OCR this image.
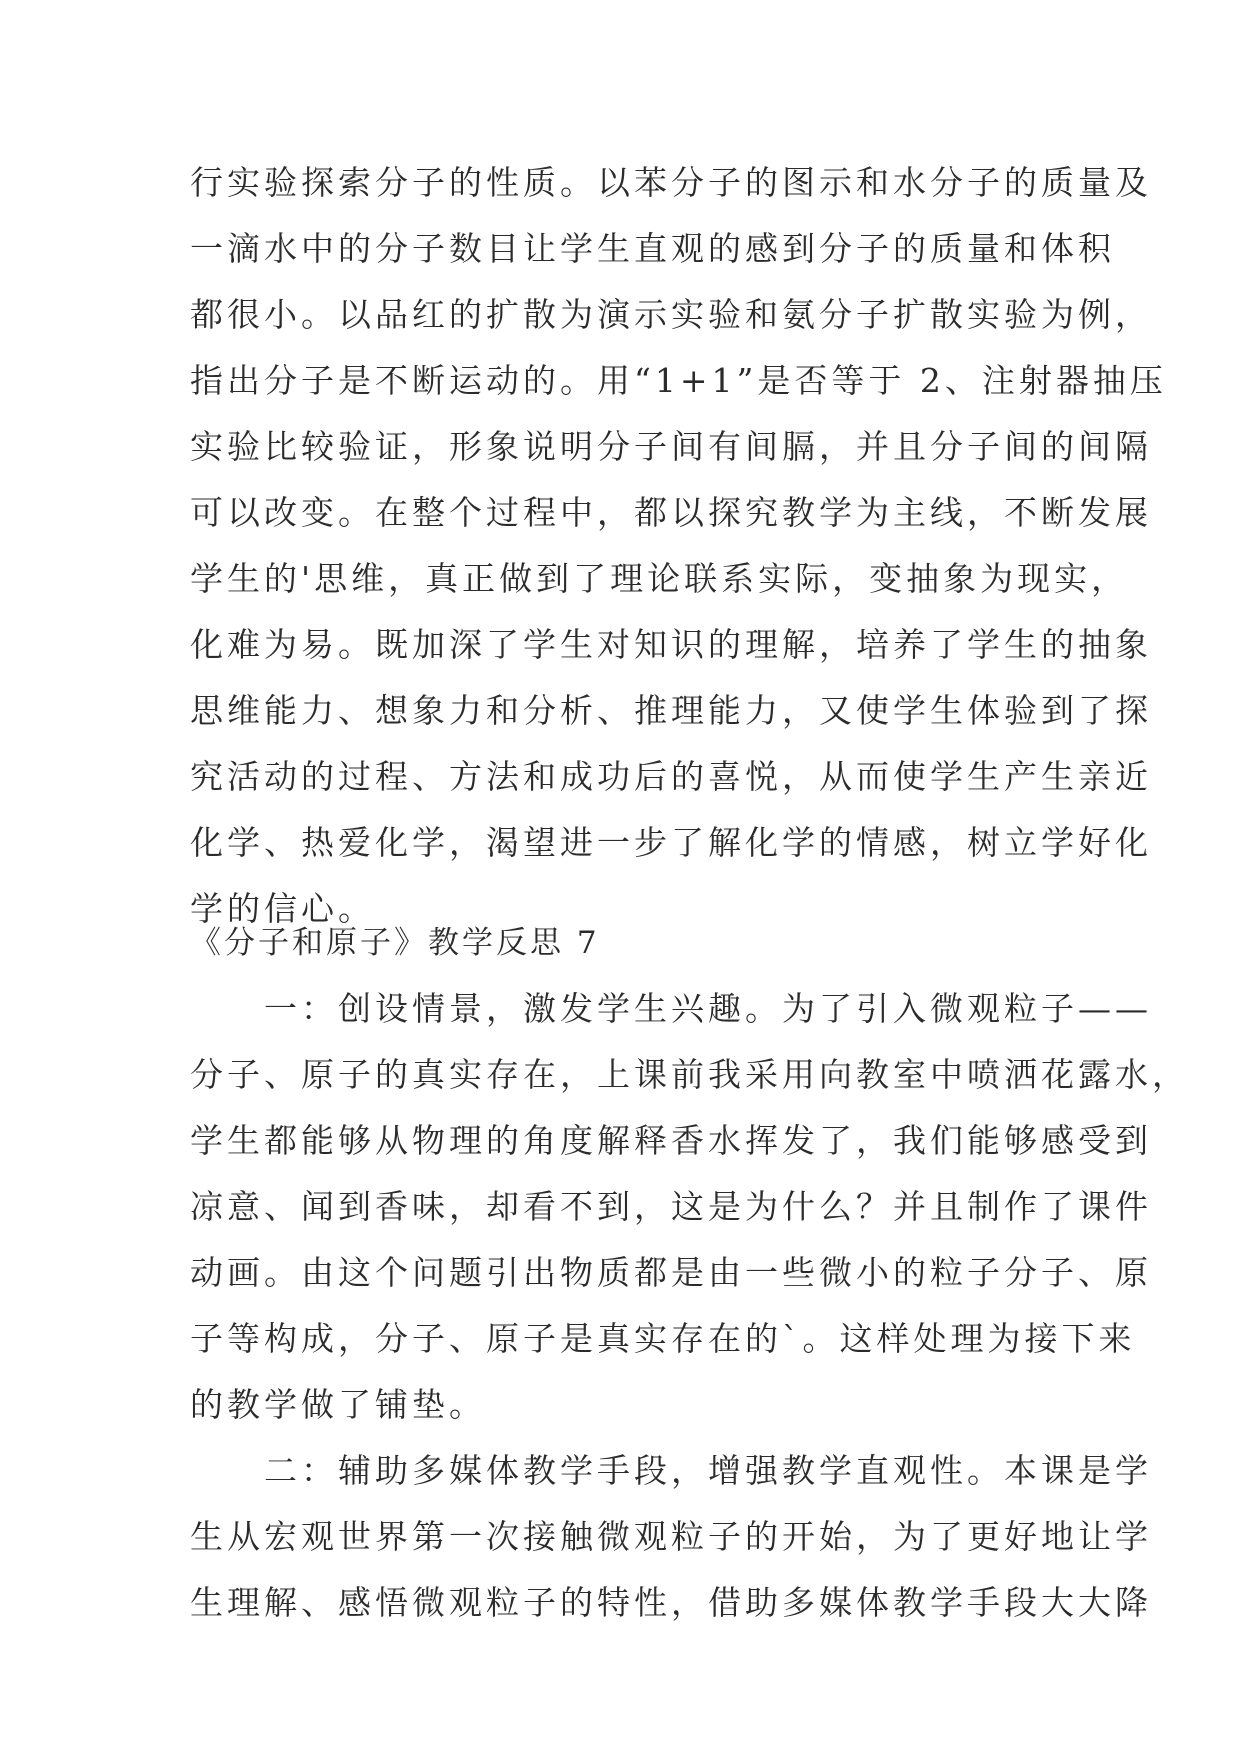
行实验探索分子的性质。以苯分子的图示和水分子的质量及
一滴水中的分子数目让学生直观的感到分子的质量和体积
都很小。以品红的扩散为演示实验和氨分子扩散实验为例，
指出分子是不断运动的。用“1+1”是否等于 2、注射器抽压
实验比较验证，形象说明分子间有间膈，并且分子间的间隔
可以改变。在整个过程中，都以探究教学为主线，不断发展
学生的'思维，真正做到了理论联系实际，变抽象为现实，
化难为易。既加深了学生对知识的理解，培养了学生的抽象
思维能力、想象力和分析、推理能力，又使学生体验到了探
究活动的过程、方法和成功后的喜悦，从而使学生产生亲近
化学、热爱化学，渴望进一步了解化学的情感，树立学好化
学的信心。
《分子和原子》教学反思 7
　　一：创设情景，激发学生兴趣。为了引入微观粒子——
分子、原子的真实存在，上课前我采用向教室中喷洒花露水，
学生都能够从物理的角度解释香水挥发了，我们能够感受到
凉意、闻到香味，却看不到，这是为什么？并且制作了课件
动画。由这个问题引出物质都是由一些微小的粒子分子、原
子等构成，分子、原子是真实存在的`。这样处理为接下来
的教学做了铺垫。
　　二：辅助多媒体教学手段，增强教学直观性。本课是学
生从宏观世界第一次接触微观粒子的开始，为了更好地让学
生理解、感悟微观粒子的特性，借助多媒体教学手段大大降
